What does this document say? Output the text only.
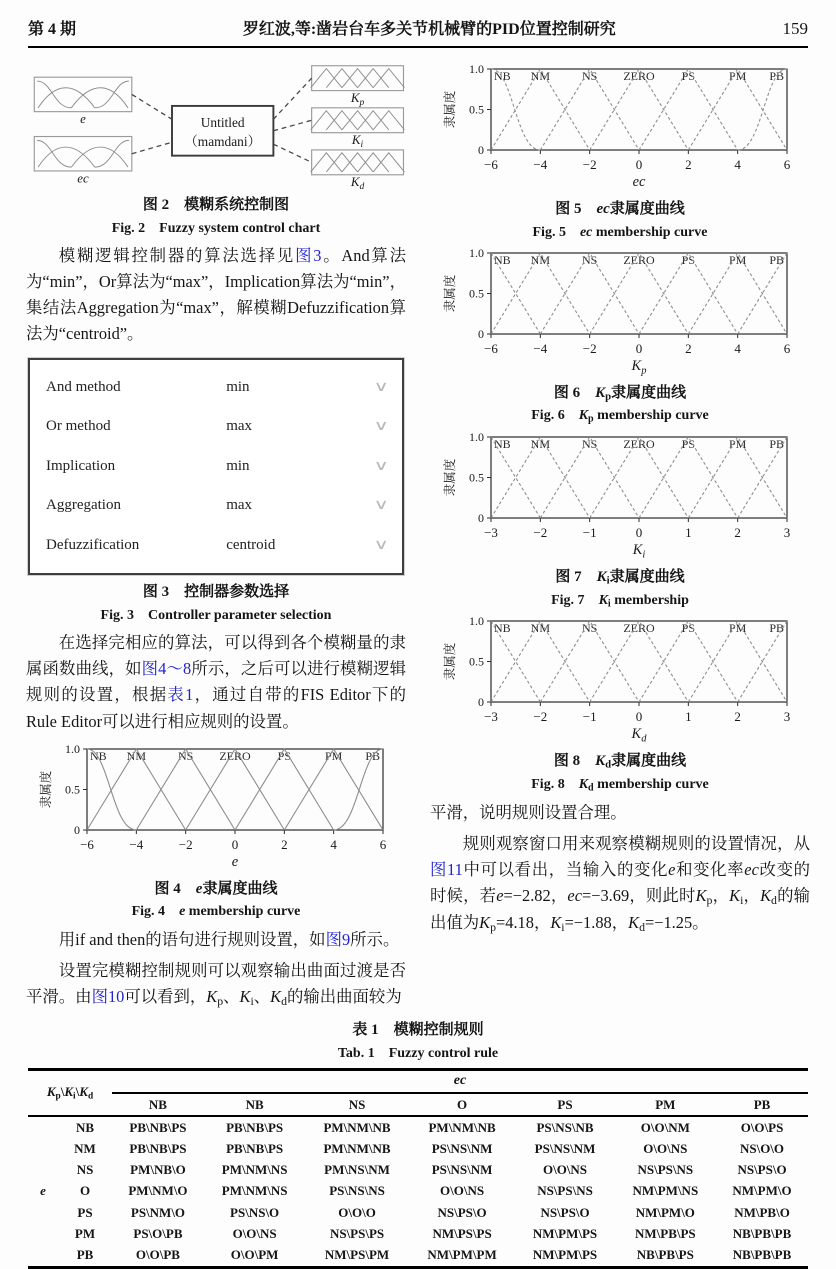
第 4 期	罗红波,等:凿岩台车多关节机械臂的PID位置控制研究	159
e
ec
Untitled
（mamdani）
$K_p$
$K_i$
$K_d$
图 2　模糊系统控制图
Fig. 2　Fuzzy system control chart

模糊逻辑控制器的算法选择见图3。And算法为“min”，Or算法为“max”，Implication算法为“min”，集结法Aggregation为“max”，解模糊Defuzzification算法为“centroid”。

And method	min	∨
Or method	max	∨
Implication	min	∨
Aggregation	max	∨
Defuzzification	centroid	∨
图 3　控制器参数选择
Fig. 3　Controller parameter selection

在选择完相应的算法，可以得到各个模糊量的隶属函数曲线，如图4～8所示，之后可以进行模糊逻辑规则的设置，根据表1，通过自带的FIS Editor下的Rule Editor可以进行相应规则的设置。

0
0.5
1.0
−6	−4	−2	0	2	4	6
隶属度
e
NB NM	NS ZERO PS	PM PB
图 4　e隶属度曲线
Fig. 4　e membership curve

用if and then的语句进行规则设置，如图9所示。

设置完模糊控制规则可以观察输出曲面过渡是否平滑。由图10可以看到，Kp、Ki、Kd的输出曲面较为

0
0.5
1.0
−6	−4	−2	0	2	4	6
隶属度
ec
NB NM	NS ZERO PS	PM PB
图 5　ec隶属度曲线
Fig. 5　ec membership curve
0
0.5
1.0
−6	−4	−2	0	2	4	6
隶属度
$K_p$
NB NM	NS ZERO PS	PM PB
图 6　Kp隶属度曲线
Fig. 6　Kp membership curve
0
0.5
1.0
−3	−2	−1	0	1	2	3
隶属度
$K_i$
NB NM	NS ZERO PS	PM PB
图 7　Ki隶属度曲线
Fig. 7　Ki membership
0
0.5
1.0
−3	−2	−1	0	1	2	3
隶属度
$K_d$
NB NM	NS ZERO PS	PM PB
图 8　Kd隶属度曲线
Fig. 8　Kd membership curve

平滑，说明规则设置合理。

规则观察窗口用来观察模糊规则的设置情况，从图11中可以看出，当输入的变化e和变化率ec改变的时候，若e=−2.82，ec=−3.69，则此时Kp，Ki，Kd的输出值为Kp=4.18，Ki=−1.88，Kd=−1.25。

表 1　模糊控制规则
Tab. 1　Fuzzy control rule
Kp\Ki\Kd		ec						
		NB	NB	NS	O	PS	PM	PB
e	NB	PB\NB\PS	PB\NB\PS	PM\NM\NB	PM\NM\NB	PS\NS\NB	O\O\NM	O\O\PS
	NM	PB\NB\PS	PB\NB\PS	PM\NM\NB	PS\NS\NM	PS\NS\NM	O\O\NS	NS\O\O
	NS	PM\NB\O	PM\NM\NS	PM\NS\NM	PS\NS\NM	O\O\NS	NS\PS\NS	NS\PS\O
	O	PM\NM\O	PM\NM\NS	PS\NS\NS	O\O\NS	NS\PS\NS	NM\PM\NS	NM\PM\O
	PS	PS\NM\O	PS\NS\O	O\O\O	NS\PS\O	NS\PS\O	NM\PM\O	NM\PB\O
	PM	PS\O\PB	O\O\NS	NS\PS\PS	NM\PS\PS	NM\PM\PS	NM\PB\PS	NB\PB\PB
	PB	O\O\PB	O\O\PM	NM\PS\PM	NM\PM\PM	NM\PM\PS	NB\PB\PS	NB\PB\PB
